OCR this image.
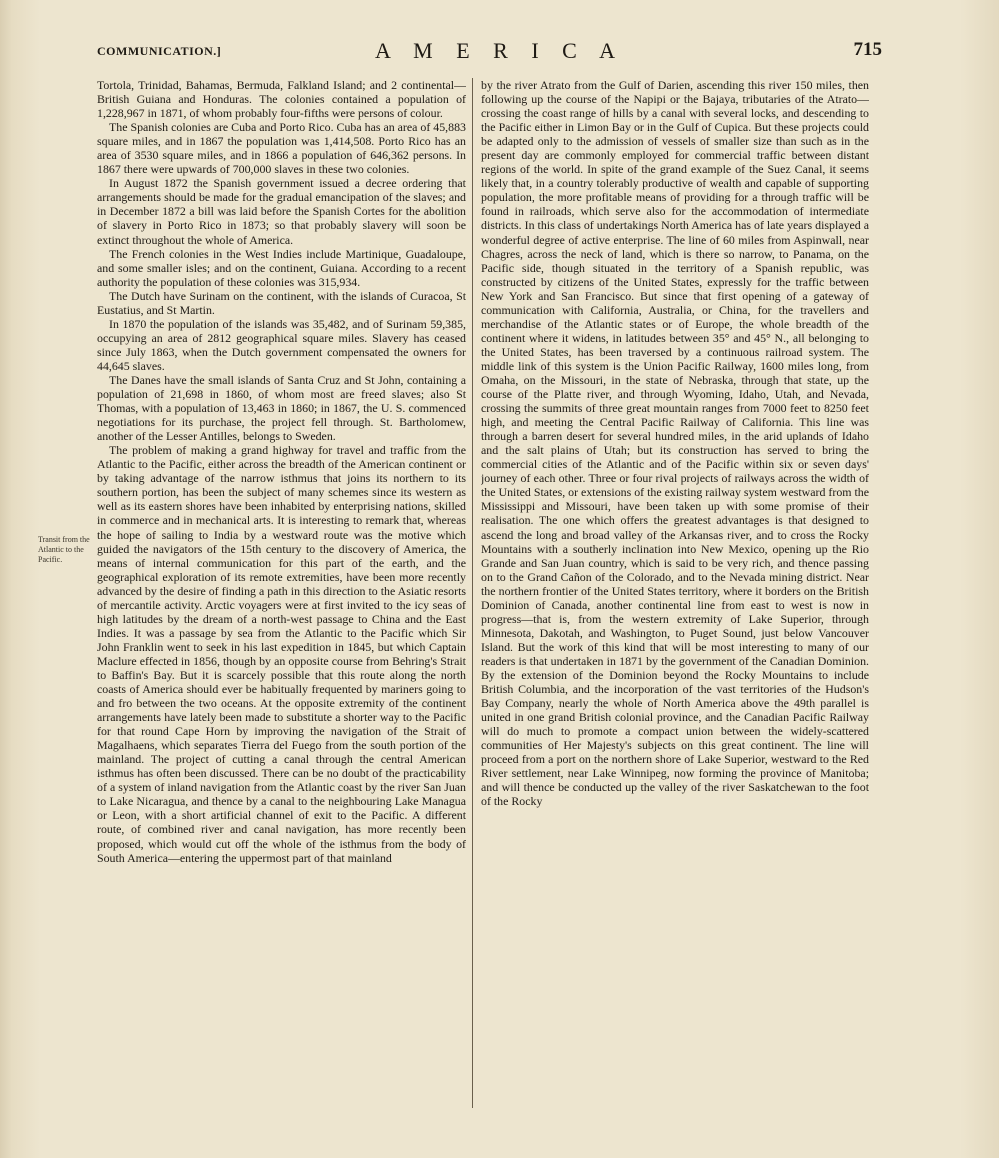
COMMUNICATION.]	A M E R I C A	715
Transit from the Atlantic to the Pacific.

Tortola, Trinidad, Bahamas, Bermuda, Falkland Island; and 2 continental—British Guiana and Honduras. The colonies contained a population of 1,228,967 in 1871, of whom probably four-fifths were persons of colour.

The Spanish colonies are Cuba and Porto Rico. Cuba has an area of 45,883 square miles, and in 1867 the population was 1,414,508. Porto Rico has an area of 3530 square miles, and in 1866 a population of 646,362 persons. In 1867 there were upwards of 700,000 slaves in these two colonies.

In August 1872 the Spanish government issued a decree ordering that arrangements should be made for the gradual emancipation of the slaves; and in December 1872 a bill was laid before the Spanish Cortes for the abolition of slavery in Porto Rico in 1873; so that probably slavery will soon be extinct throughout the whole of America.

The French colonies in the West Indies include Martinique, Guadaloupe, and some smaller isles; and on the continent, Guiana. According to a recent authority the population of these colonies was 315,934.

The Dutch have Surinam on the continent, with the islands of Curacoa, St Eustatius, and St Martin.

In 1870 the population of the islands was 35,482, and of Surinam 59,385, occupying an area of 2812 geographical square miles. Slavery has ceased since July 1863, when the Dutch government compensated the owners for 44,645 slaves.

The Danes have the small islands of Santa Cruz and St John, containing a population of 21,698 in 1860, of whom most are freed slaves; also St Thomas, with a population of 13,463 in 1860; in 1867, the U. S. commenced negotiations for its purchase, the project fell through. St. Bartholomew, another of the Lesser Antilles, belongs to Sweden.

The problem of making a grand highway for travel and traffic from the Atlantic to the Pacific, either across the breadth of the American continent or by taking advantage of the narrow isthmus that joins its northern to its southern portion, has been the subject of many schemes since its western as well as its eastern shores have been inhabited by enterprising nations, skilled in commerce and in mechanical arts. It is interesting to remark that, whereas the hope of sailing to India by a westward route was the motive which guided the navigators of the 15th century to the discovery of America, the means of internal communication for this part of the earth, and the geographical exploration of its remote extremities, have been more recently advanced by the desire of finding a path in this direction to the Asiatic resorts of mercantile activity. Arctic voyagers were at first invited to the icy seas of high latitudes by the dream of a north-west passage to China and the East Indies. It was a passage by sea from the Atlantic to the Pacific which Sir John Franklin went to seek in his last expedition in 1845, but which Captain Maclure effected in 1856, though by an opposite course from Behring's Strait to Baffin's Bay. But it is scarcely possible that this route along the north coasts of America should ever be habitually frequented by mariners going to and fro between the two oceans. At the opposite extremity of the continent arrangements have lately been made to substitute a shorter way to the Pacific for that round Cape Horn by improving the navigation of the Strait of Magalhaens, which separates Tierra del Fuego from the south portion of the mainland. The project of cutting a canal through the central American isthmus has often been discussed. There can be no doubt of the practicability of a system of inland navigation from the Atlantic coast by the river San Juan to Lake Nicaragua, and thence by a canal to the neighbouring Lake Managua or Leon, with a short artificial channel of exit to the Pacific. A different route, of combined river and canal navigation, has more recently been proposed, which would cut off the whole of the isthmus from the body of South America—entering the uppermost part of that mainland

by the river Atrato from the Gulf of Darien, ascending this river 150 miles, then following up the course of the Napipi or the Bajaya, tributaries of the Atrato—crossing the coast range of hills by a canal with several locks, and descending to the Pacific either in Limon Bay or in the Gulf of Cupica. But these projects could be adapted only to the admission of vessels of smaller size than such as in the present day are commonly employed for commercial traffic between distant regions of the world. In spite of the grand example of the Suez Canal, it seems likely that, in a country tolerably productive of wealth and capable of supporting population, the more profitable means of providing for a through traffic will be found in railroads, which serve also for the accommodation of intermediate districts. In this class of undertakings North America has of late years displayed a wonderful degree of active enterprise. The line of 60 miles from Aspinwall, near Chagres, across the neck of land, which is there so narrow, to Panama, on the Pacific side, though situated in the territory of a Spanish republic, was constructed by citizens of the United States, expressly for the traffic between New York and San Francisco. But since that first opening of a gateway of communication with California, Australia, or China, for the travellers and merchandise of the Atlantic states or of Europe, the whole breadth of the continent where it widens, in latitudes between 35° and 45° N., all belonging to the United States, has been traversed by a continuous railroad system. The middle link of this system is the Union Pacific Railway, 1600 miles long, from Omaha, on the Missouri, in the state of Nebraska, through that state, up the course of the Platte river, and through Wyoming, Idaho, Utah, and Nevada, crossing the summits of three great mountain ranges from 7000 feet to 8250 feet high, and meeting the Central Pacific Railway of California. This line was through a barren desert for several hundred miles, in the arid uplands of Idaho and the salt plains of Utah; but its construction has served to bring the commercial cities of the Atlantic and of the Pacific within six or seven days' journey of each other. Three or four rival projects of railways across the width of the United States, or extensions of the existing railway system westward from the Mississippi and Missouri, have been taken up with some promise of their realisation. The one which offers the greatest advantages is that designed to ascend the long and broad valley of the Arkansas river, and to cross the Rocky Mountains with a southerly inclination into New Mexico, opening up the Rio Grande and San Juan country, which is said to be very rich, and thence passing on to the Grand Cañon of the Colorado, and to the Nevada mining district. Near the northern frontier of the United States territory, where it borders on the British Dominion of Canada, another continental line from east to west is now in progress—that is, from the western extremity of Lake Superior, through Minnesota, Dakotah, and Washington, to Puget Sound, just below Vancouver Island. But the work of this kind that will be most interesting to many of our readers is that undertaken in 1871 by the government of the Canadian Dominion. By the extension of the Dominion beyond the Rocky Mountains to include British Columbia, and the incorporation of the vast territories of the Hudson's Bay Company, nearly the whole of North America above the 49th parallel is united in one grand British colonial province, and the Canadian Pacific Railway will do much to promote a compact union between the widely-scattered communities of Her Majesty's subjects on this great continent. The line will proceed from a port on the northern shore of Lake Superior, westward to the Red River settlement, near Lake Winnipeg, now forming the province of Manitoba; and will thence be conducted up the valley of the river Saskatchewan to the foot of the Rocky
